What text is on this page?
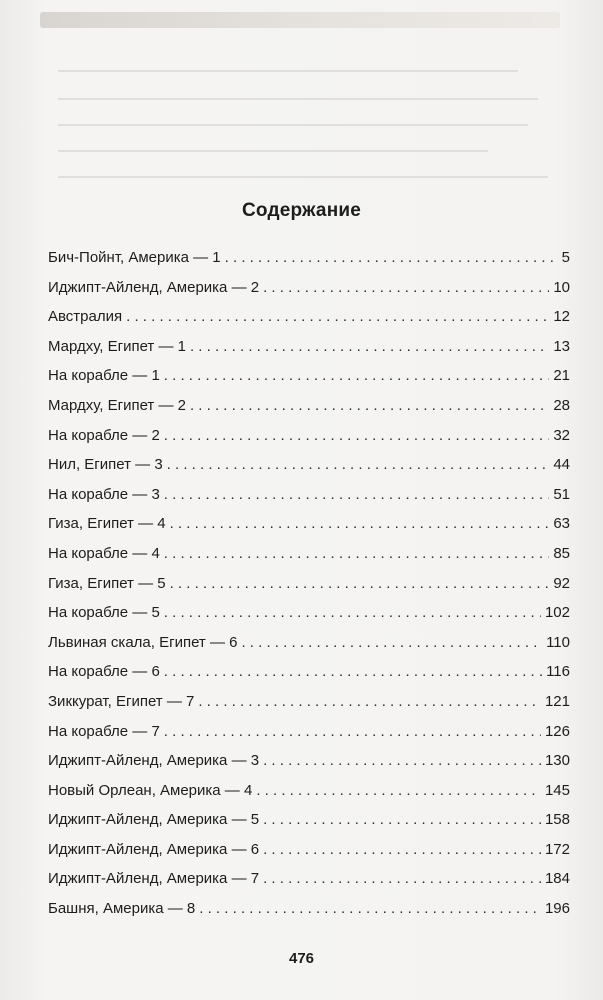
Содержание
Бич-Пойнт, Америка — 1 . . .	5
Иджипт-Айленд, Америка — 2 . . .	10
Австралия . . .	12
Мардху, Египет — 1 . . .	13
На корабле — 1 . . .	21
Мардху, Египет — 2 . . .	28
На корабле — 2 . . .	32
Нил, Египет — 3 . . .	44
На корабле — 3 . . .	51
Гиза, Египет — 4 . . .	63
На корабле — 4 . . .	85
Гиза, Египет — 5 . . .	92
На корабле — 5 . . .	102
Львиная скала, Египет — 6 . . .	110
На корабле — 6 . . .	116
Зиккурат, Египет — 7 . . .	121
На корабле — 7 . . .	126
Иджипт-Айленд, Америка — 3 . . .	130
Новый Орлеан, Америка — 4 . . .	145
Иджипт-Айленд, Америка — 5 . . .	158
Иджипт-Айленд, Америка — 6 . . .	172
Иджипт-Айленд, Америка — 7 . . .	184
Башня, Америка — 8 . . .	196
476
